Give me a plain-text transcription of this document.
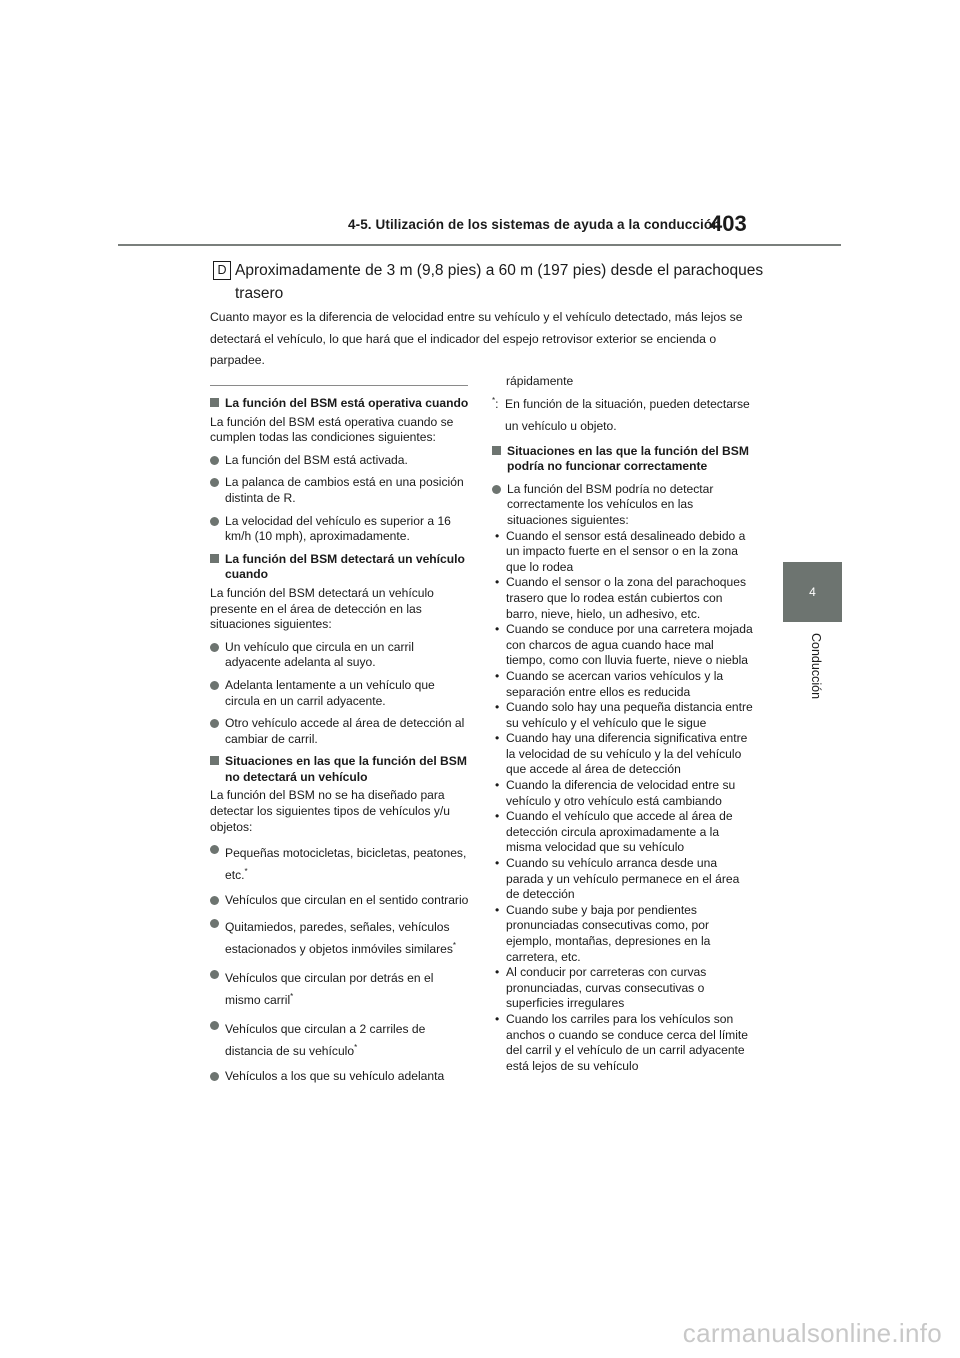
4-5. Utilización de los sistemas de ayuda a la conducción
403
4
Conducción
D Aproximadamente de 3 m (9,8 pies) a 60 m (197 pies) desde el parachoques trasero
Cuanto mayor es la diferencia de velocidad entre su vehículo y el vehículo detectado, más lejos se detectará el vehículo, lo que hará que el indicador del espejo retrovisor exterior se encienda o parpadee.
La función del BSM está operativa cuando
La función del BSM está operativa cuando se cumplen todas las condiciones siguientes:
La función del BSM está activada.
La palanca de cambios está en una posición distinta de R.
La velocidad del vehículo es superior a 16 km/h (10 mph), aproximadamente.
La función del BSM detectará un vehículo cuando
La función del BSM detectará un vehículo presente en el área de detección en las situaciones siguientes:
Un vehículo que circula en un carril adyacente adelanta al suyo.
Adelanta lentamente a un vehículo que circula en un carril adyacente.
Otro vehículo accede al área de detección al cambiar de carril.
Situaciones en las que la función del BSM no detectará un vehículo
La función del BSM no se ha diseñado para detectar los siguientes tipos de vehículos y/u objetos:
Pequeñas motocicletas, bicicletas, peatones, etc.*
Vehículos que circulan en el sentido contrario
Quitamiedos, paredes, señales, vehículos estacionados y objetos inmóviles similares*
Vehículos que circulan por detrás en el mismo carril*
Vehículos que circulan a 2 carriles de distancia de su vehículo*
Vehículos a los que su vehículo adelanta
rápidamente
*: En función de la situación, pueden detectarse un vehículo u objeto.
Situaciones en las que la función del BSM podría no funcionar correctamente
La función del BSM podría no detectar correctamente los vehículos en las situaciones siguientes:
• Cuando el sensor está desalineado debido a un impacto fuerte en el sensor o en la zona que lo rodea
• Cuando el sensor o la zona del parachoques trasero que lo rodea están cubiertos con barro, nieve, hielo, un adhesivo, etc.
• Cuando se conduce por una carretera mojada con charcos de agua cuando hace mal tiempo, como con lluvia fuerte, nieve o niebla
• Cuando se acercan varios vehículos y la separación entre ellos es reducida
• Cuando solo hay una pequeña distancia entre su vehículo y el vehículo que le sigue
• Cuando hay una diferencia significativa entre la velocidad de su vehículo y la del vehículo que accede al área de detección
• Cuando la diferencia de velocidad entre su vehículo y otro vehículo está cambiando
• Cuando el vehículo que accede al área de detección circula aproximadamente a la misma velocidad que su vehículo
• Cuando su vehículo arranca desde una parada y un vehículo permanece en el área de detección
• Cuando sube y baja por pendientes pronunciadas consecutivas como, por ejemplo, montañas, depresiones en la carretera, etc.
• Al conducir por carreteras con curvas pronunciadas, curvas consecutivas o superficies irregulares
• Cuando los carriles para los vehículos son anchos o cuando se conduce cerca del límite del carril y el vehículo de un carril adyacente está lejos de su vehículo
carmanualsonline.info
